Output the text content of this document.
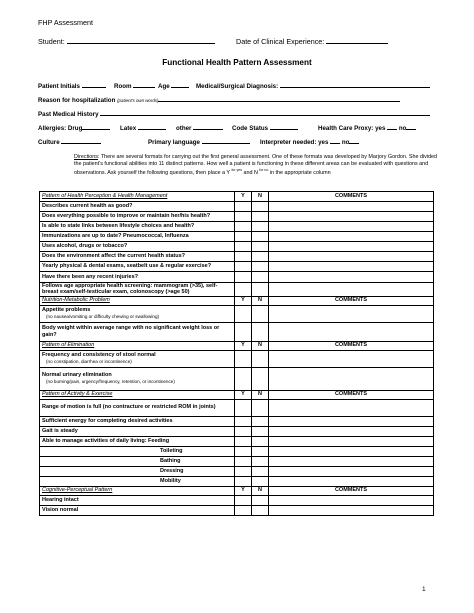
FHP Assessment
Student:	Date of Clinical Experience:
Functional Health Pattern Assessment
Patient Initials	Room	Age	Medical/Surgical Diagnosis:
Reason for hospitalization (patient's own words)
Past Medical History
Allergies: Drug	Latex	other	Code Status	Health Care Proxy: yes no
Culture	Primary language	Interpreter needed: yes no
Directions: There are several formats for carrying out the first general assessment. One of these formats was developed by Marjory Gordon. She divided the patient's functional abilities into 11 distinct patterns. How well a patient is functioning in these different areas can be evaluated with questions and observations. Ask yourself the following questions, then place a Y $^{for yes}$ and N $^{for no}$ in the appropriate column
Pattern of Health Perception & Health Management	Y	N	COMMENTS
Describes current health as good?			
Does everything possible to improve or maintain her/his health?			
Is able to state links between lifestyle choices and health?			
Immunizations are up to date? Pneumococcal, Influenza			
Uses alcohol, drugs or tobacco?			
Does the environment affect the current health status?			
Yearly physical & dental exams, seatbelt use & regular exercise?			
Have there been any recent injuries?			
Follows age appropriate health screening: mammogram (>35), self-breast exam/self-testicular exam, colonoscopy (>age 50)			
Nutrition-Metabolic Problem	Y	N	COMMENTS
Appetite problems
(no nausea/vomiting or difficulty chewing or swallowing)			

Body weight within average range with no significant weight loss or gain?			
Pattern of Elimination	Y	N	COMMENTS
Frequency and consistency of stool normal
(no constipation, diarrhea or incontinence)			

Normal urinary elimination
(no burning/pain, urgency/frequency, retention, or incontinence)			

Pattern of Activity & Exercise	Y	N	COMMENTS
Range of motion is full (no contracture or restricted ROM in joints)			
Sufficient energy for completing desired activities			
Gait is steady			
Able to manage activities of daily living: Feeding			
Toileting			
Bathing			
Dressing			
Mobility			
Cognitive-Perceptual Pattern	Y	N	COMMENTS
Hearing intact			
Vision normal			
1
